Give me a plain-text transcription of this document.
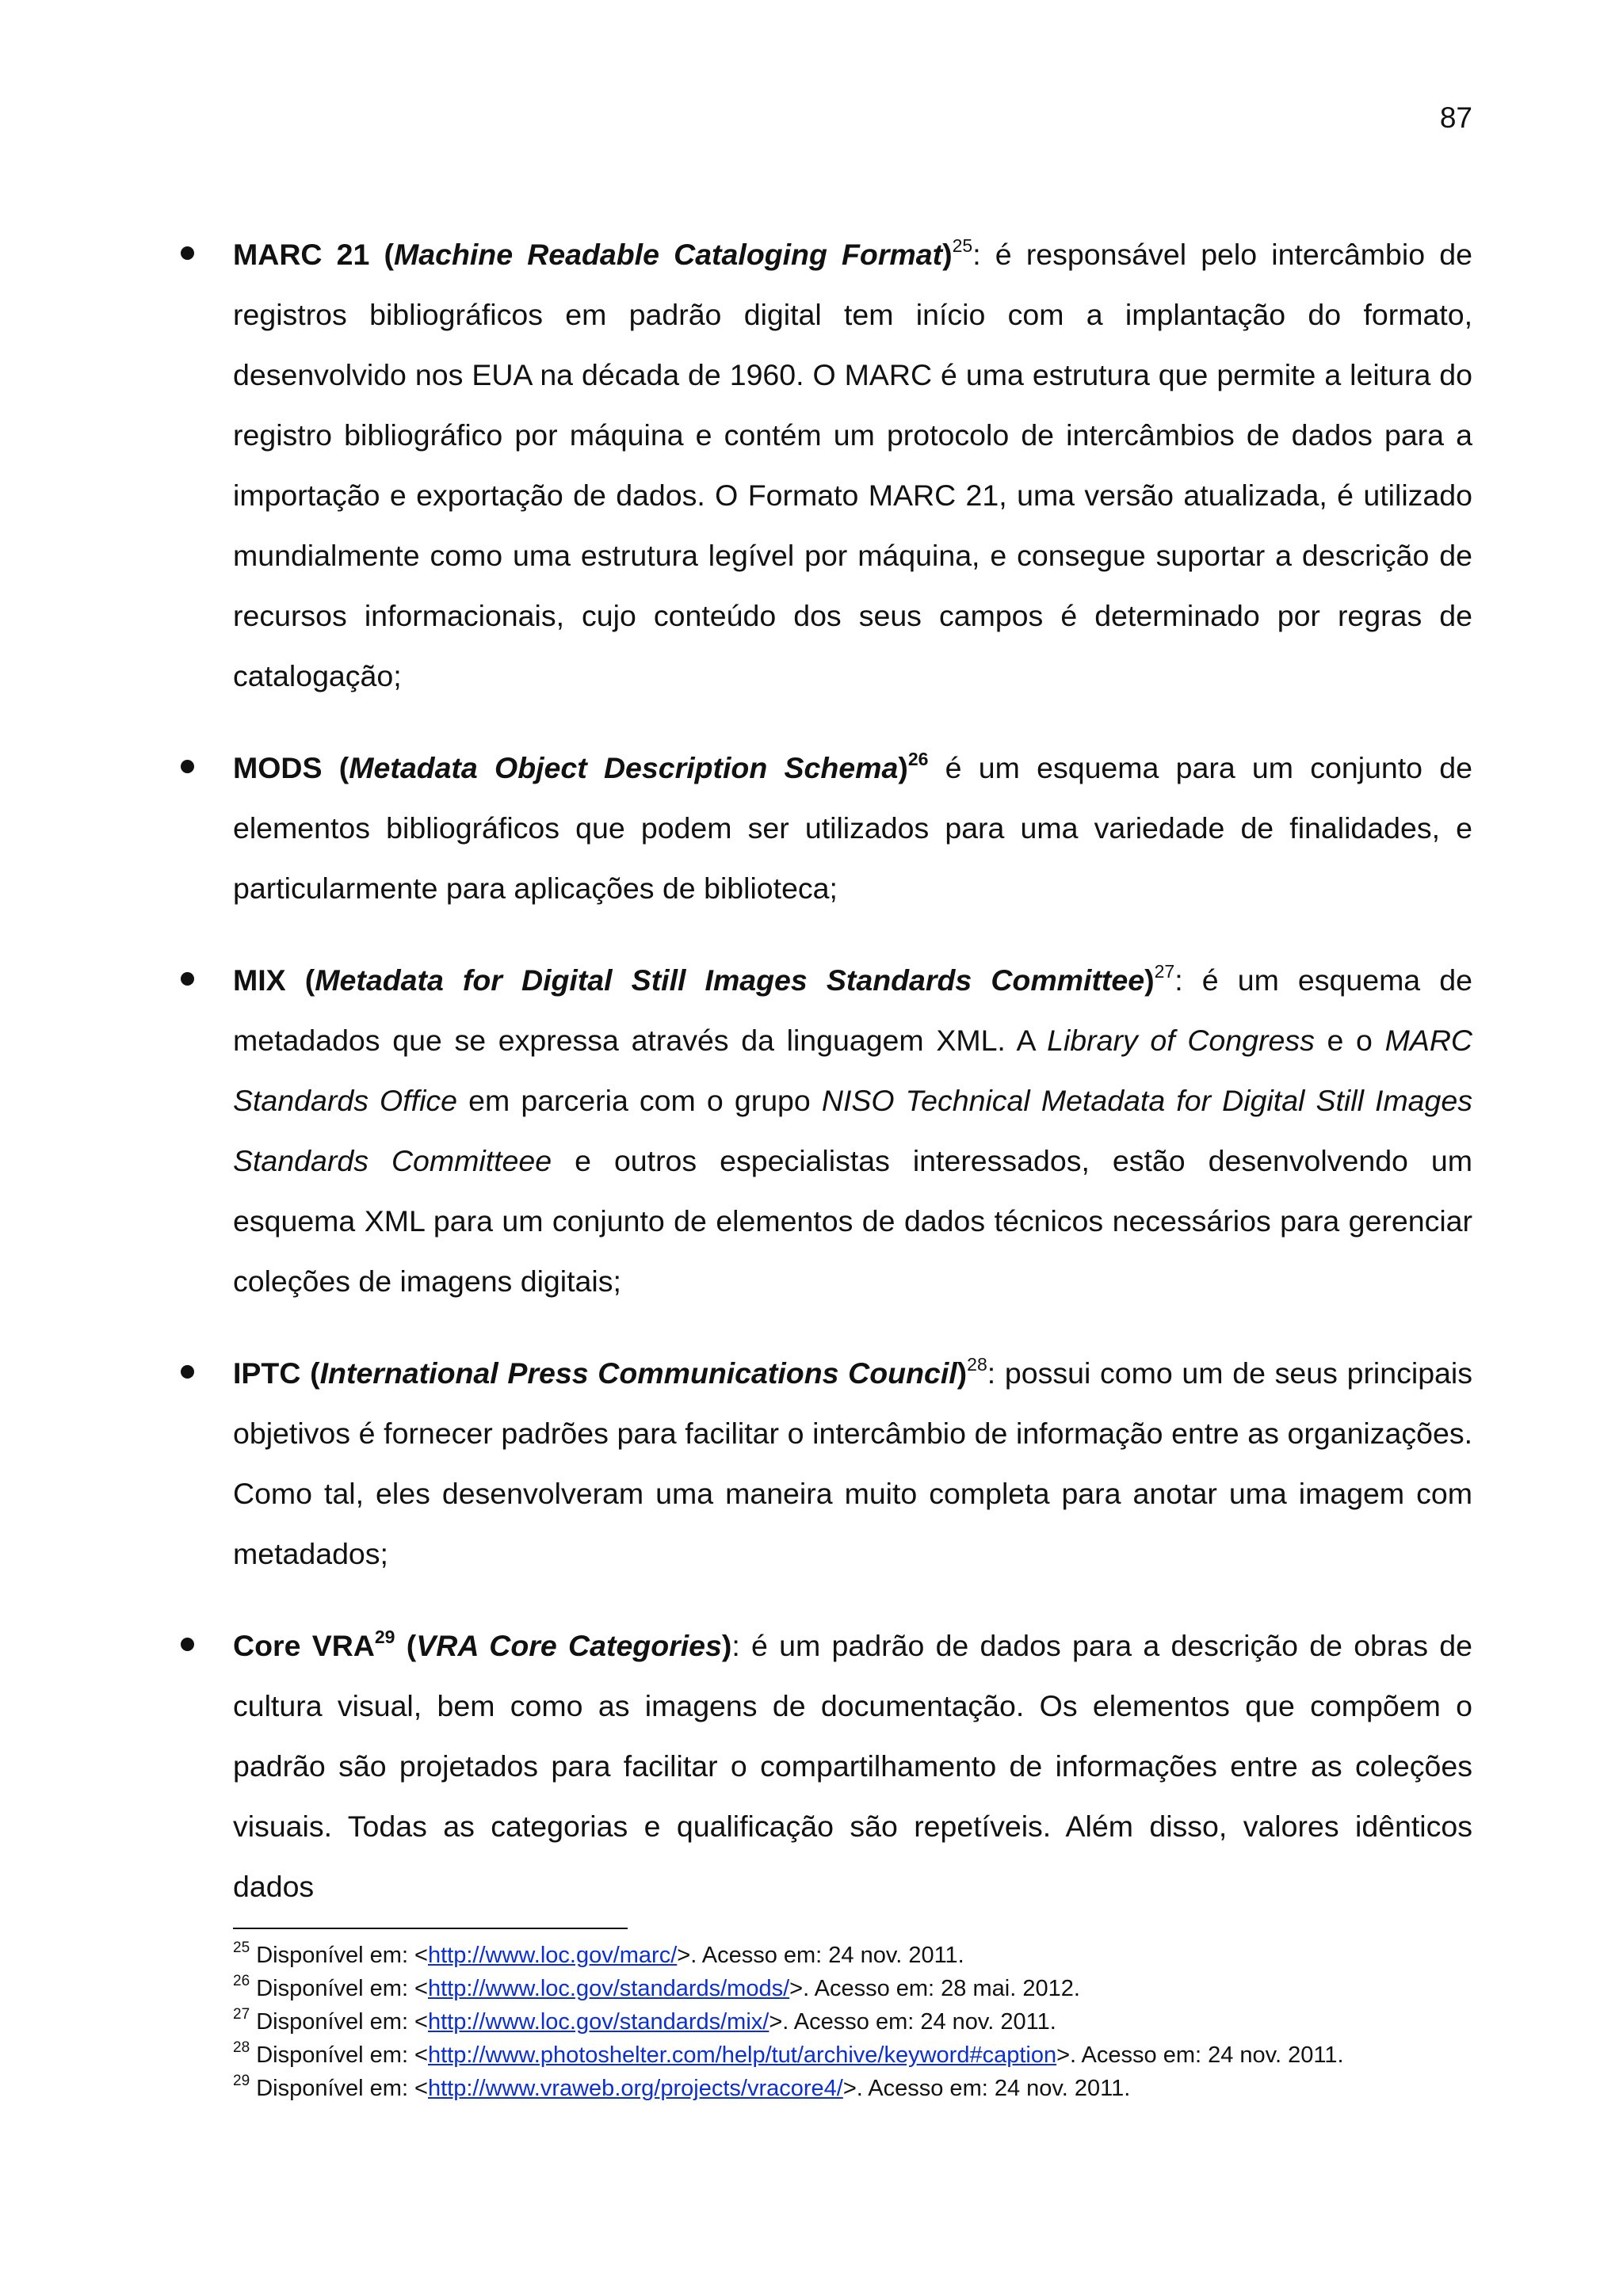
87
MARC 21 (Machine Readable Cataloging Format)$^{25}$: é responsável pelo intercâmbio de registros bibliográficos em padrão digital tem início com a implantação do formato, desenvolvido nos EUA na década de 1960. O MARC é uma estrutura que permite a leitura do registro bibliográfico por máquina e contém um protocolo de intercâmbios de dados para a importação e exportação de dados. O Formato MARC 21, uma versão atualizada, é utilizado mundialmente como uma estrutura legível por máquina, e consegue suportar a descrição de recursos informacionais, cujo conteúdo dos seus campos é determinado por regras de catalogação;
MODS (Metadata Object Description Schema)$^{26}$ é um esquema para um conjunto de elementos bibliográficos que podem ser utilizados para uma variedade de finalidades, e particularmente para aplicações de biblioteca;
MIX (Metadata for Digital Still Images Standards Committee)$^{27}$: é um esquema de metadados que se expressa através da linguagem XML. A Library of Congress e o MARC Standards Office em parceria com o grupo NISO Technical Metadata for Digital Still Images Standards Committeee e outros especialistas interessados, estão desenvolvendo um esquema XML para um conjunto de elementos de dados técnicos necessários para gerenciar coleções de imagens digitais;
IPTC (International Press Communications Council)$^{28}$: possui como um de seus principais objetivos é fornecer padrões para facilitar o intercâmbio de informação entre as organizações. Como tal, eles desenvolveram uma maneira muito completa para anotar uma imagem com metadados;
Core VRA$^{29}$ (VRA Core Categories): é um padrão de dados para a descrição de obras de cultura visual, bem como as imagens de documentação. Os elementos que compõem o padrão são projetados para facilitar o compartilhamento de informações entre as coleções visuais. Todas as categorias e qualificação são repetíveis. Além disso, valores idênticos dados
$^{25}$ Disponível em: <http://www.loc.gov/marc/>. Acesso em: 24 nov. 2011.
$^{26}$ Disponível em: <http://www.loc.gov/standards/mods/>. Acesso em: 28 mai. 2012.
$^{27}$ Disponível em: <http://www.loc.gov/standards/mix/>. Acesso em: 24 nov. 2011.
$^{28}$ Disponível em: <http://www.photoshelter.com/help/tut/archive/keyword#caption>. Acesso em: 24 nov. 2011.
$^{29}$ Disponível em: <http://www.vraweb.org/projects/vracore4/>. Acesso em: 24 nov. 2011.
